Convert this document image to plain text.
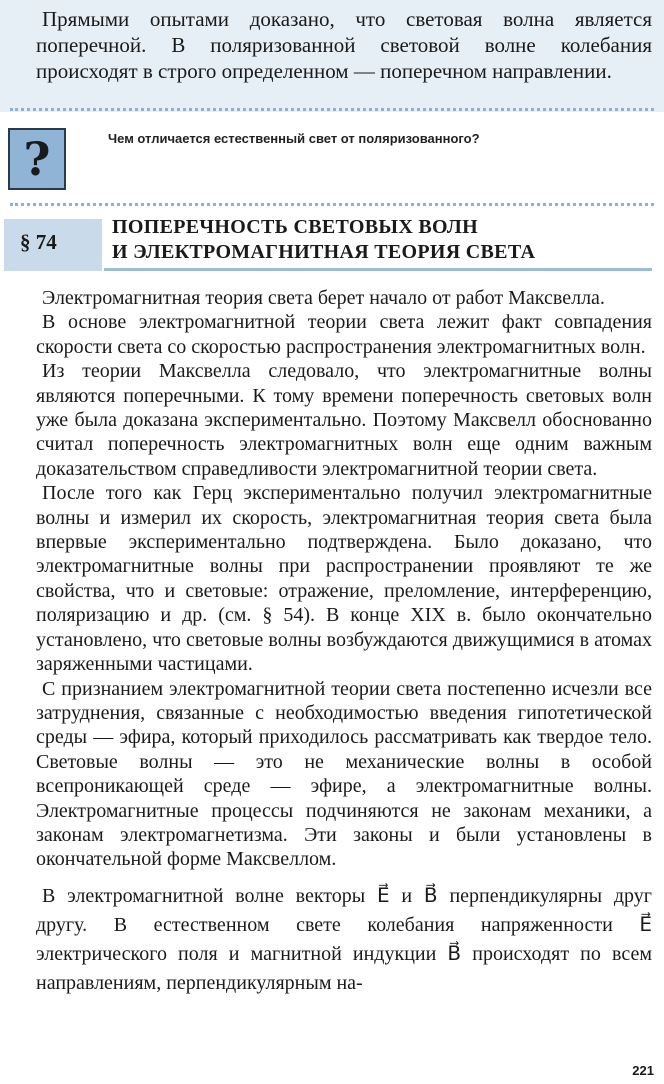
Прямыми опытами доказано, что световая волна является поперечной. В поляризованной световой волне колебания происходят в строго определенном — поперечном направлении.

?	Чем отличается естественный свет от поляризованного?
§ 74
ПОПЕРЕЧНОСТЬ СВЕТОВЫХ ВОЛН
И ЭЛЕКТРОМАГНИТНАЯ ТЕОРИЯ СВЕТА

Электромагнитная теория света берет начало от работ Максвелла.

В основе электромагнитной теории света лежит факт совпадения скорости света со скоростью распространения электромагнитных волн.

Из теории Максвелла следовало, что электромагнитные волны являются поперечными. К тому времени поперечность световых волн уже была доказана экспериментально. Поэтому Максвелл обоснованно считал поперечность электромагнитных волн еще одним важным доказательством справедливости электромагнитной теории света.

После того как Герц экспериментально получил электромагнитные волны и измерил их скорость, электромагнитная теория света была впервые экспериментально подтверждена. Было доказано, что электромагнитные волны при распространении проявляют те же свойства, что и световые: отражение, преломление, интерференцию, поляризацию и др. (см. § 54). В конце XIX в. было окончательно установлено, что световые волны возбуждаются движущимися в атомах заряженными частицами.

С признанием электромагнитной теории света постепенно исчезли все затруднения, связанные с необходимостью введения гипотетической среды — эфира, который приходилось рассматривать как твердое тело. Световые волны — это не механические волны в особой всепроникающей среде — эфире, а электромагнитные волны. Электромагнитные процессы подчиняются не законам механики, а законам электромагнетизма. Эти законы и были установлены в окончательной форме Максвеллом.

В электромагнитной волне векторы E⃗ и B⃗ перпендикулярны друг другу. В естественном свете колебания напряженности E⃗ электрического поля и магнитной индукции B⃗ происходят по всем направлениям, перпендикулярным на-

221
